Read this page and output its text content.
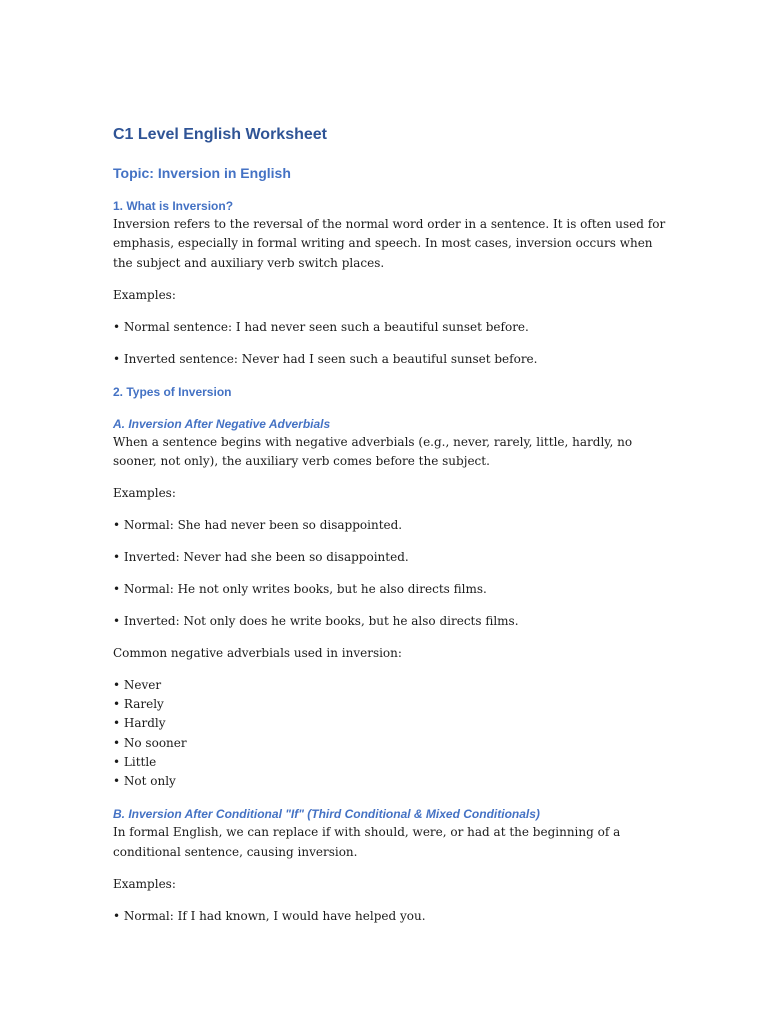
C1 Level English Worksheet
Topic: Inversion in English
1. What is Inversion?

Inversion refers to the reversal of the normal word order in a sentence. It is often used for emphasis, especially in formal writing and speech. In most cases, inversion occurs when the subject and auxiliary verb switch places.

Examples:

• Normal sentence: I had never seen such a beautiful sunset before.

• Inverted sentence: Never had I seen such a beautiful sunset before.

2. Types of Inversion
A. Inversion After Negative Adverbials

When a sentence begins with negative adverbials (e.g., never, rarely, little, hardly, no sooner, not only), the auxiliary verb comes before the subject.

Examples:

• Normal: She had never been so disappointed.

• Inverted: Never had she been so disappointed.

• Normal: He not only writes books, but he also directs films.

• Inverted: Not only does he write books, but he also directs films.

Common negative adverbials used in inversion:

• Never
• Rarely
• Hardly
• No sooner
• Little
• Not only
B. Inversion After Conditional "If" (Third Conditional & Mixed Conditionals)

In formal English, we can replace if with should, were, or had at the beginning of a conditional sentence, causing inversion.

Examples:

• Normal: If I had known, I would have helped you.
